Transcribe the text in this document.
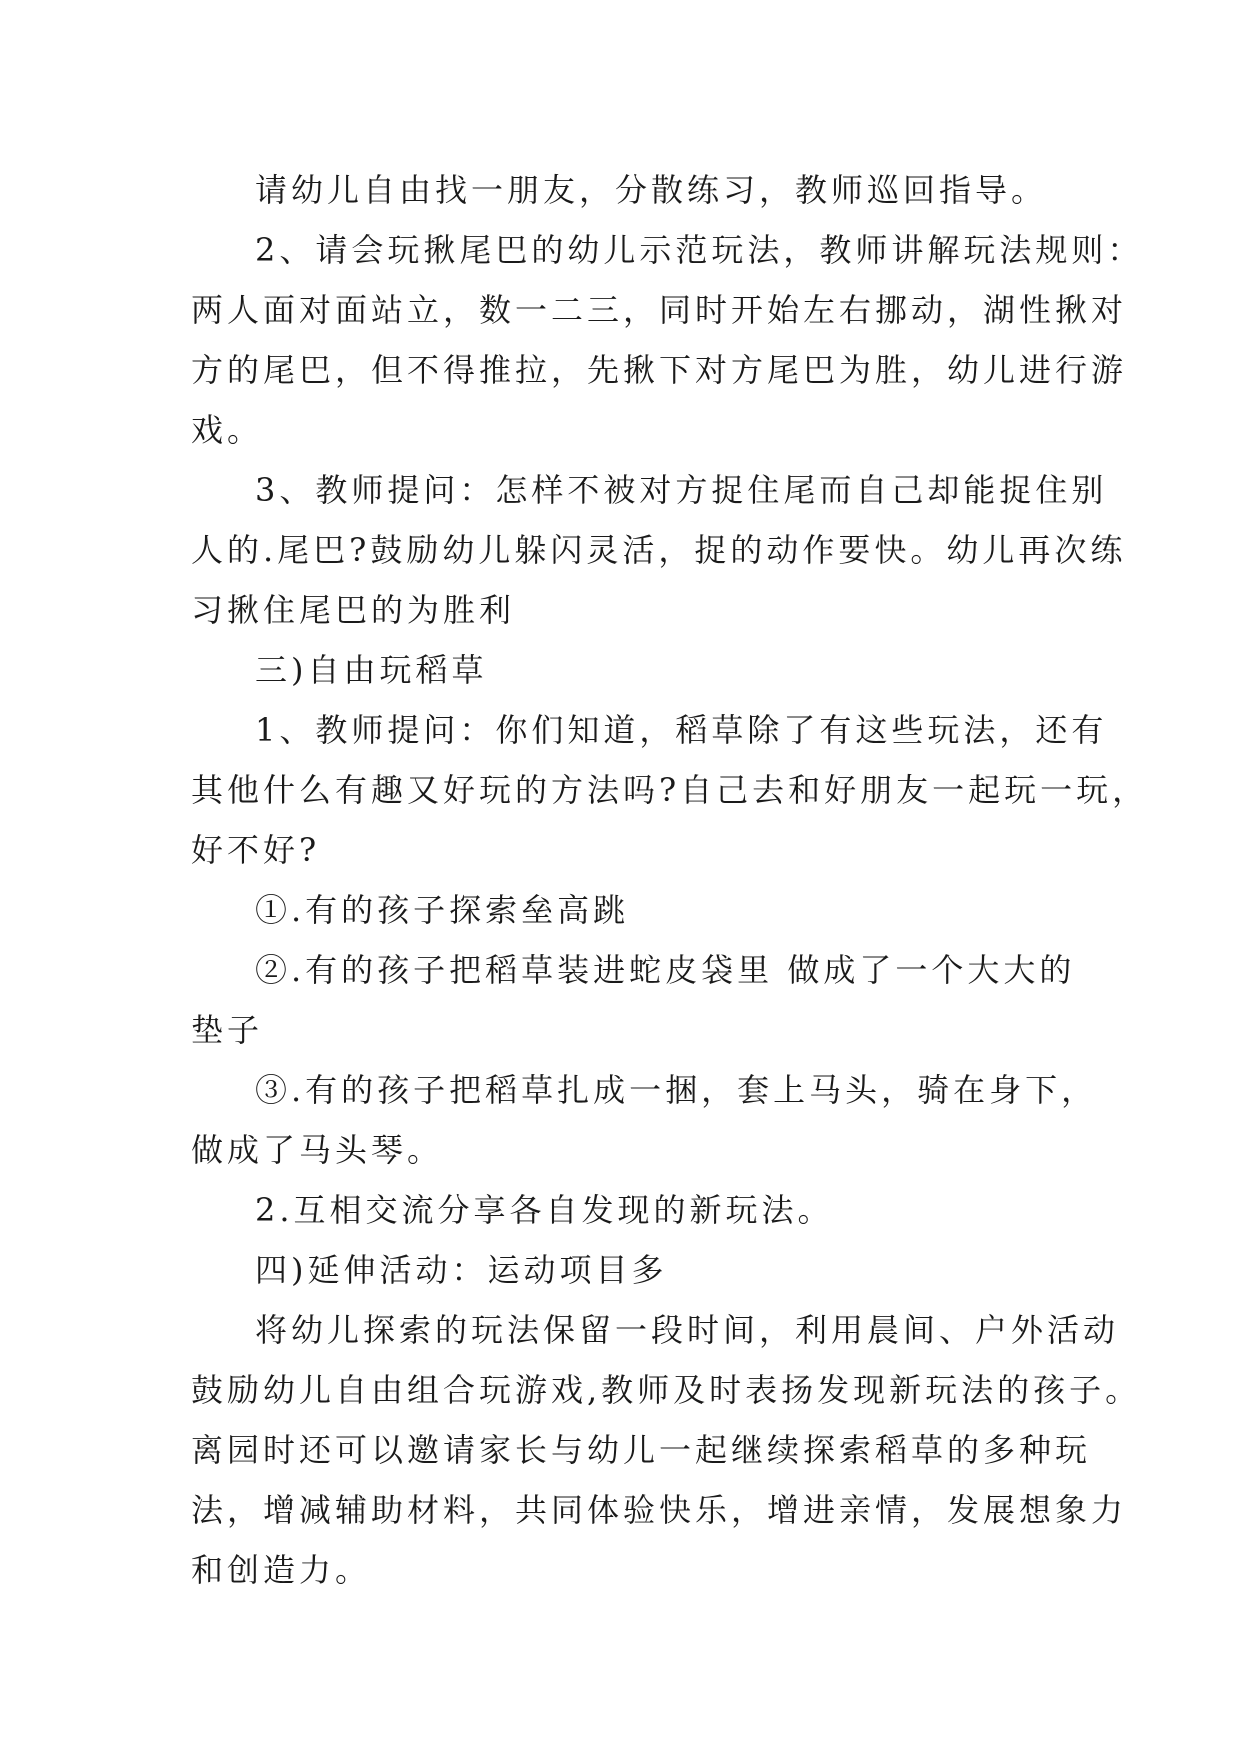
请幼儿自由找一朋友，分散练习，教师巡回指导。
2、请会玩揪尾巴的幼儿示范玩法，教师讲解玩法规则：
两人面对面站立，数一二三，同时开始左右挪动，湖性揪对
方的尾巴，但不得推拉，先揪下对方尾巴为胜，幼儿进行游
戏。
3、教师提问：怎样不被对方捉住尾而自己却能捉住别
人的.尾巴?鼓励幼儿躲闪灵活，捉的动作要快。幼儿再次练
习揪住尾巴的为胜利
三)自由玩稻草
1、教师提问：你们知道，稻草除了有这些玩法，还有
其他什么有趣又好玩的方法吗?自己去和好朋友一起玩一玩，
好不好?
①.有的孩子探索垒高跳
②.有的孩子把稻草装进蛇皮袋里 做成了一个大大的
垫子
③.有的孩子把稻草扎成一捆，套上马头，骑在身下，
做成了马头琴。
2.互相交流分享各自发现的新玩法。
四)延伸活动：运动项目多
将幼儿探索的玩法保留一段时间，利用晨间、户外活动
鼓励幼儿自由组合玩游戏,教师及时表扬发现新玩法的孩子。
离园时还可以邀请家长与幼儿一起继续探索稻草的多种玩
法，增减辅助材料，共同体验快乐，增进亲情，发展想象力
和创造力。
